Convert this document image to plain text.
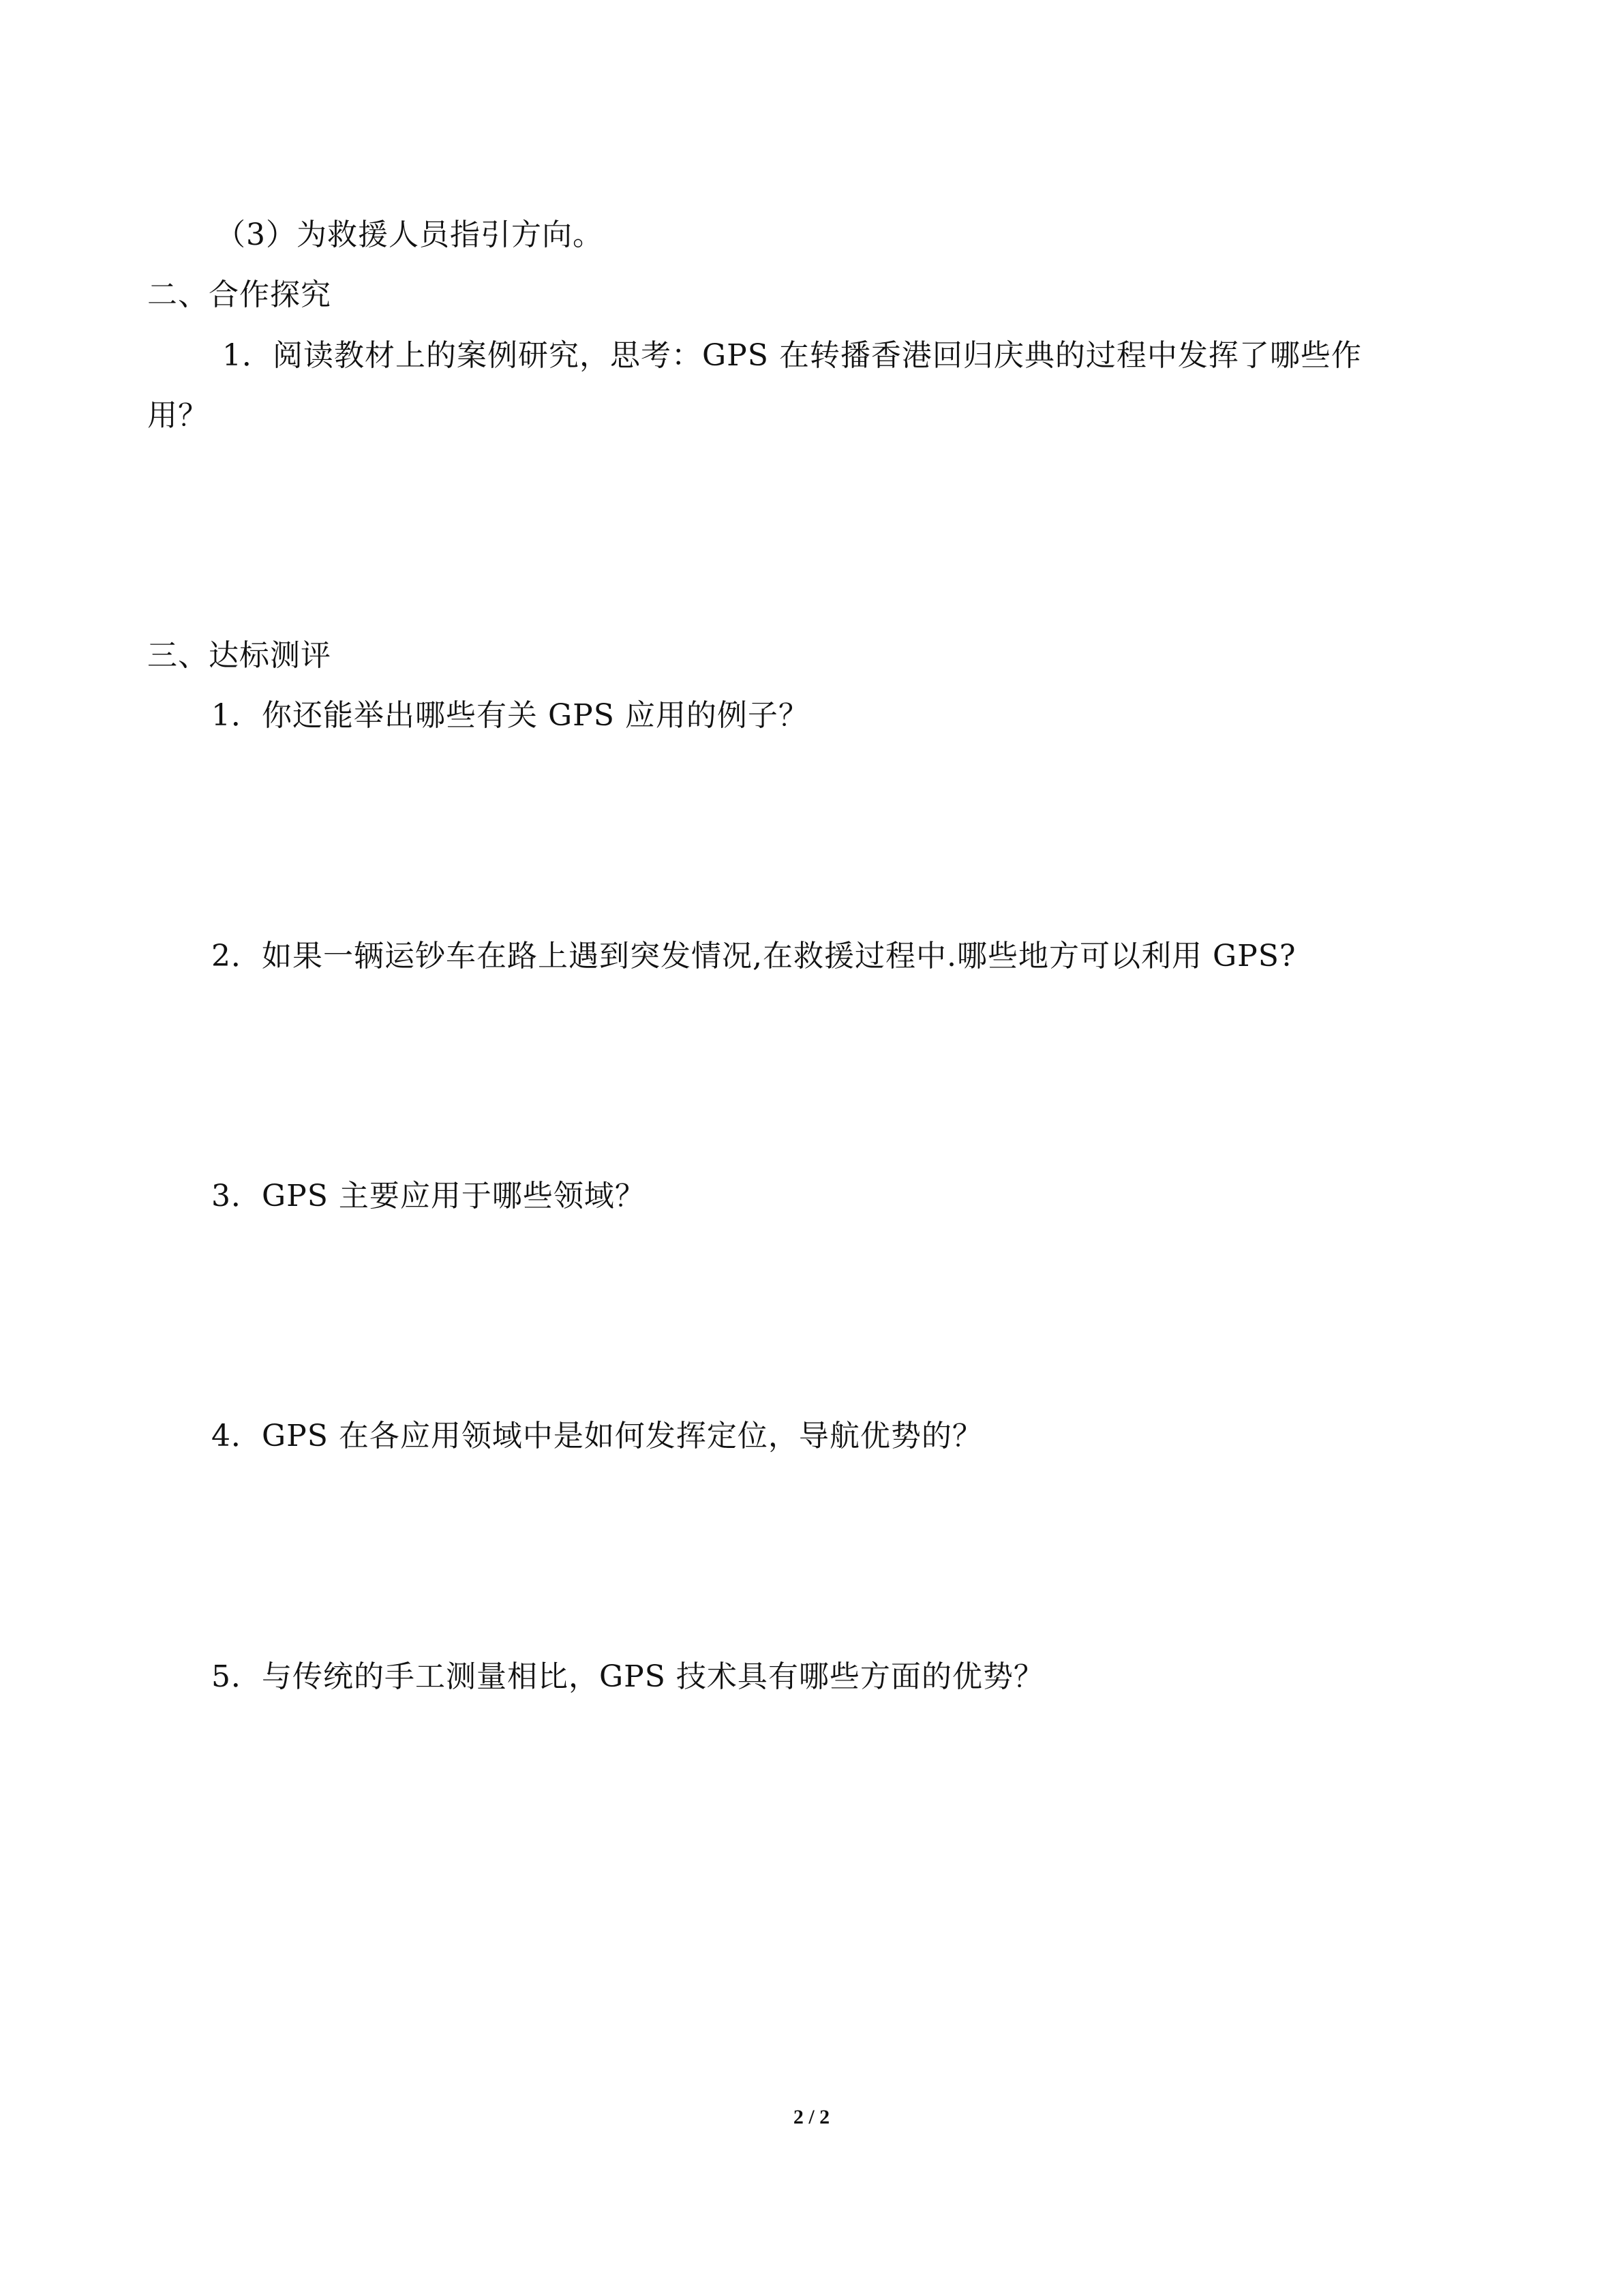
（3）为救援人员指引方向。

二、合作探究

1．阅读教材上的案例研究，思考：GPS 在转播香港回归庆典的过程中发挥了哪些作

用？

三、达标测评

1．你还能举出哪些有关 GPS 应用的例子？

2．如果一辆运钞车在路上遇到突发情况,在救援过程中.哪些地方可以利用 GPS?

3．GPS 主要应用于哪些领域？

4．GPS 在各应用领域中是如何发挥定位，导航优势的？

5．与传统的手工测量相比，GPS 技术具有哪些方面的优势？

2 / 2
